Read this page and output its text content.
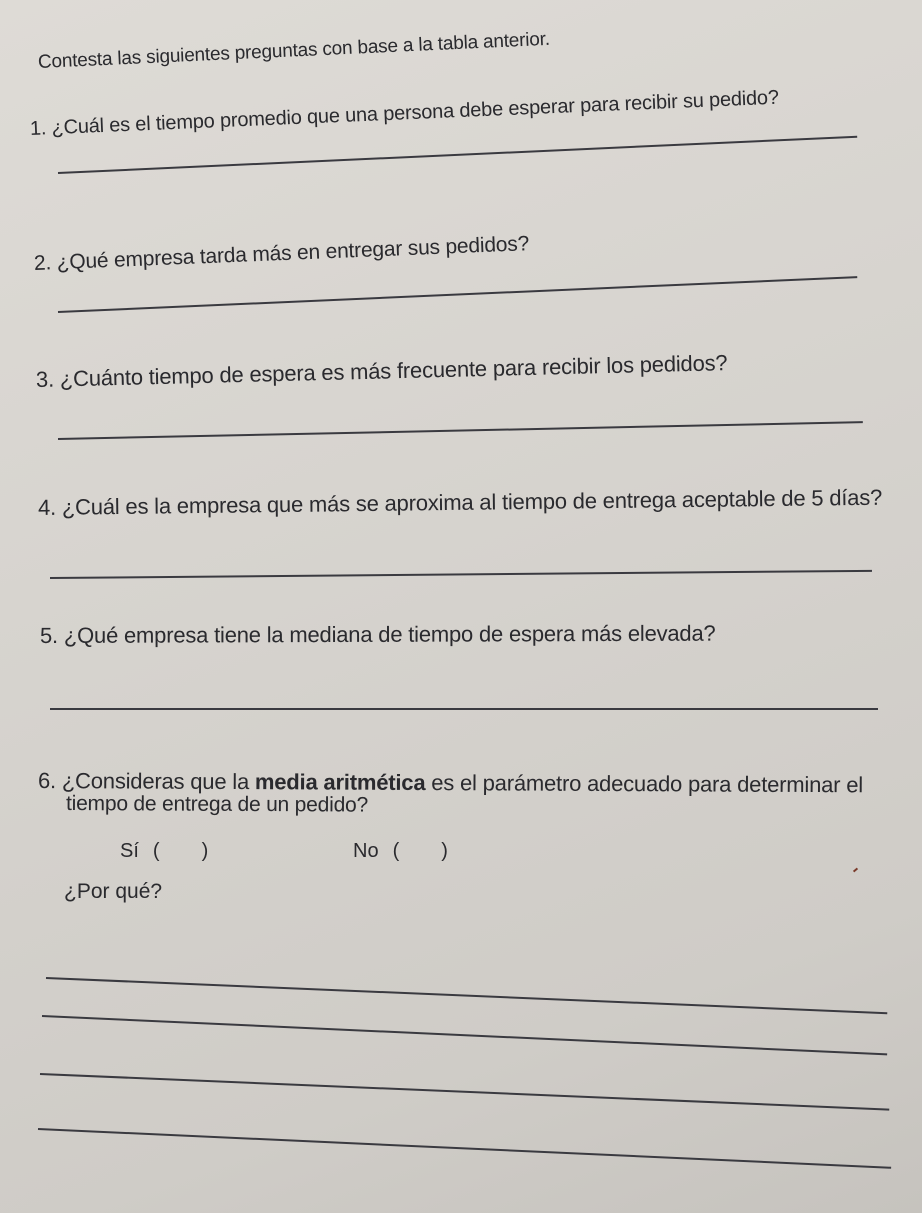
Contesta las siguientes preguntas con base a la tabla anterior.
1. ¿Cuál es el tiempo promedio que una persona debe esperar para recibir su pedido?
2. ¿Qué empresa tarda más en entregar sus pedidos?
3. ¿Cuánto tiempo de espera es más frecuente para recibir los pedidos?
4. ¿Cuál es la empresa que más se aproxima al tiempo de entrega aceptable de 5 días?
5. ¿Qué empresa tiene la mediana de tiempo de espera más elevada?
6. ¿Consideras que la media aritmética es el parámetro adecuado para determinar el
tiempo de entrega de un pedido?
Sí ( )	No ( )
¿Por qué?
